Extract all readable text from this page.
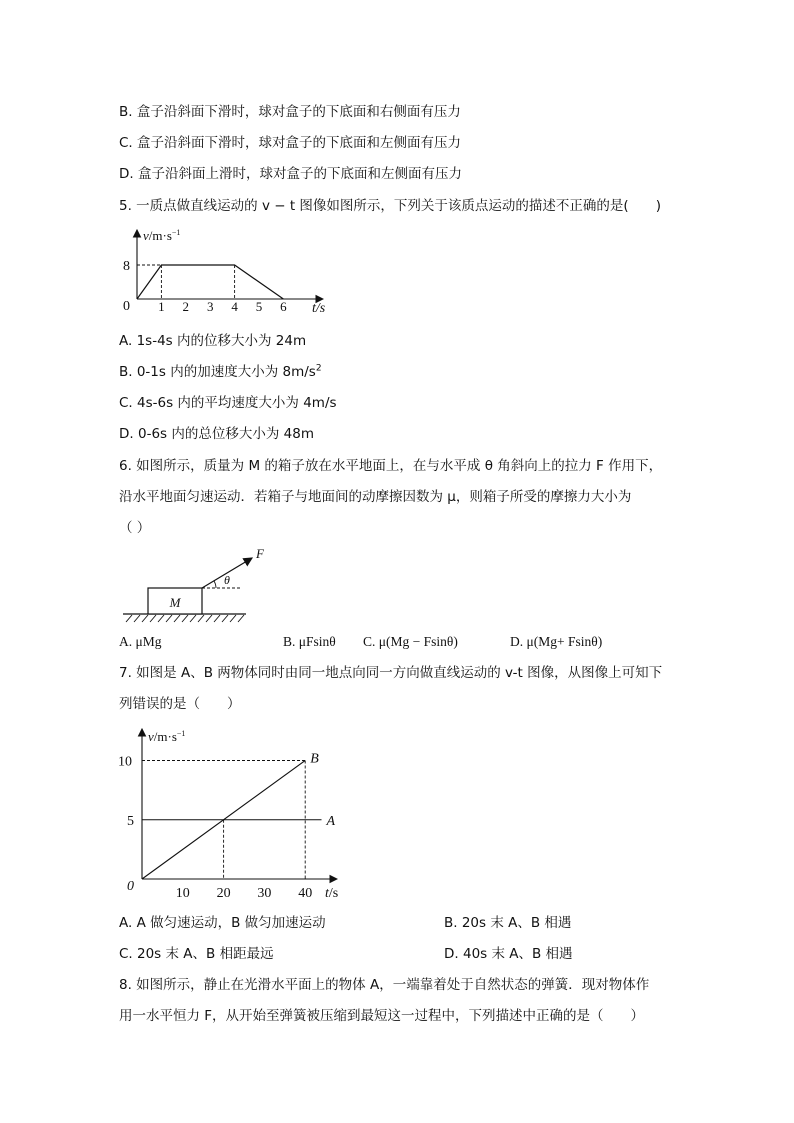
B. 盒子沿斜面下滑时，球对盒子的下底面和右侧面有压力
C. 盒子沿斜面下滑时，球对盒子的下底面和左侧面有压力
D. 盒子沿斜面上滑时，球对盒子的下底面和左侧面有压力
5. 一质点做直线运动的 v − t 图像如图所示，下列关于该质点运动的描述不正确的是(　　)
$v/m\cdot s^{-1}$
t/s
0 1 2 3 4 5 6
8
A. 1s-4s 内的位移大小为 24m
B. 0-1s 内的加速度大小为 $8m/s^2$
C. 4s-6s 内的平均速度大小为 4m/s
D. 0-6s 内的总位移大小为 48m
6. 如图所示，质量为 M 的箱子放在水平地面上，在与水平成 θ 角斜向上的拉力 F 作用下，
沿水平地面匀速运动．若箱子与地面间的动摩擦因数为 μ，则箱子所受的摩擦力大小为
（ ）
M
F
θ
A. μMg	B. μFsinθ C. μ(Mg − Fsinθ)	D. μ(Mg+ Fsinθ)
7. 如图是 A、B 两物体同时由同一地点向同一方向做直线运动的 v-t 图像，从图像上可知下
列错误的是（　　）
$v/m\cdot s^{-1}$
t/s
0	10 20 30 40
5
10
A
B
A. A 做匀速运动，B 做匀加速运动	B. 20s 末 A、B 相遇
C. 20s 末 A、B 相距最远	D. 40s 末 A、B 相遇
8. 如图所示，静止在光滑水平面上的物体 A，一端靠着处于自然状态的弹簧．现对物体作
用一水平恒力 F，从开始至弹簧被压缩到最短这一过程中，下列描述中正确的是（　　）
